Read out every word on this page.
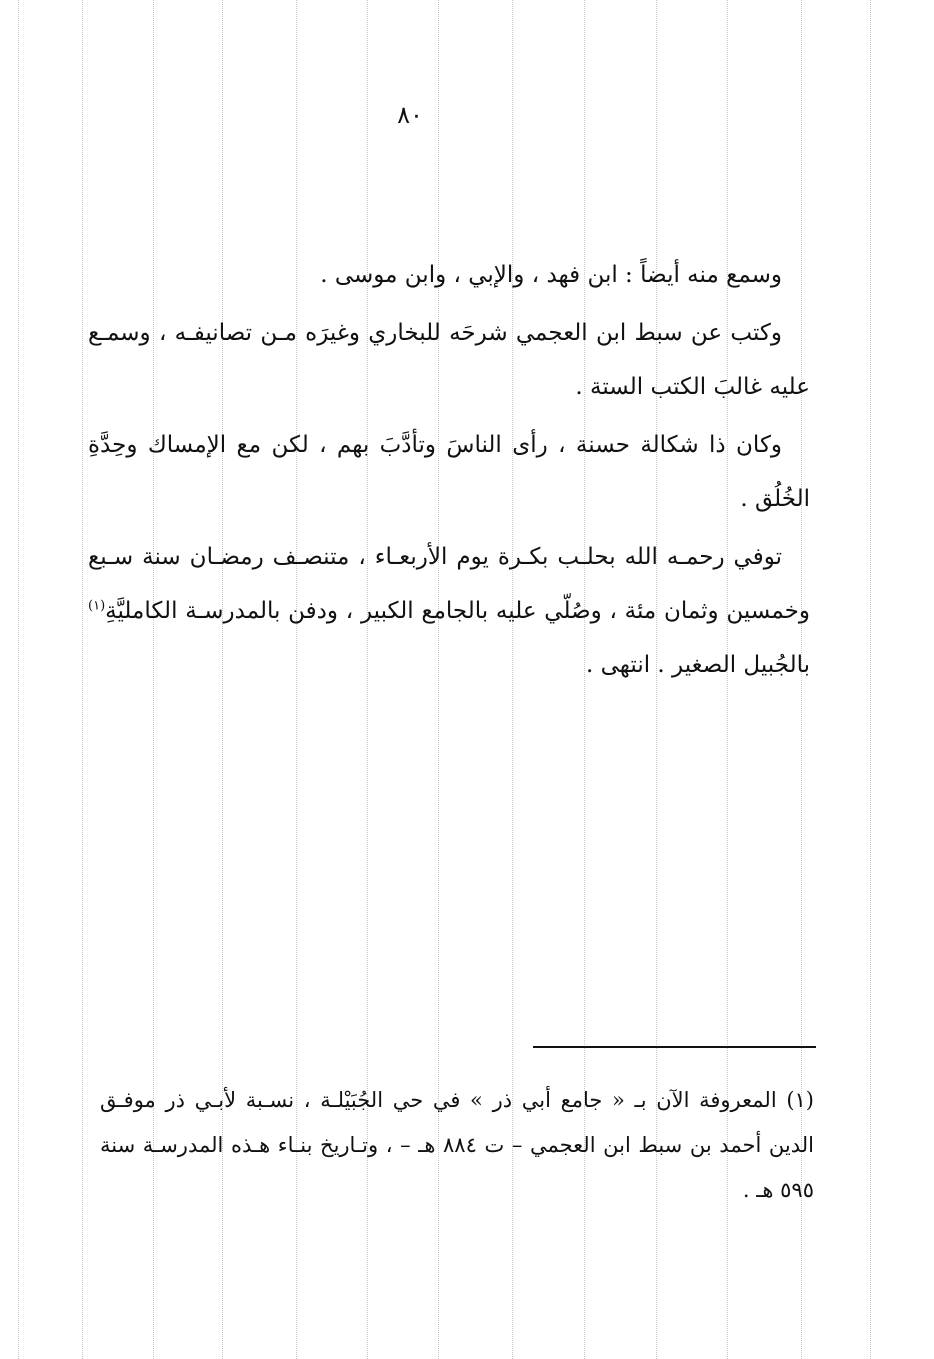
٨٠

وسمع منه أيضاً : ابن فهد ، والإبي ، وابن موسى .

وكتب عن سبط ابن العجمي شرحَه للبخاري وغيرَه مـن تصانيفـه ، وسمـع عليه غالبَ الكتب الستة .

وكان ذا شكالة حسنة ، رأى الناسَ وتأدَّبَ بهم ، لكن مع الإمساك وحِدَّةِ الخُلُق .

توفي رحمـه الله بحلـب بكـرة يوم الأربعـاء ، متنصـف رمضـان سنة سـبع وخمسين وثمان مئة ، وصُلّي عليه بالجامع الكبير ، ودفن بالمدرسـة الكامليَّةِ$^{(١)}$ بالجُبيل الصغير . انتهى .

(١) المعروفة الآن بـ « جامع أبي ذر » في حي الجُبَيْلـة ، نسـبة لأبـي ذر موفـق الدين أحمد بن سبط ابن العجمي – ت ٨٨٤ هـ – ، وتـاريخ بنـاء هـذه المدرسـة سنة ٥٩٥ هـ .
